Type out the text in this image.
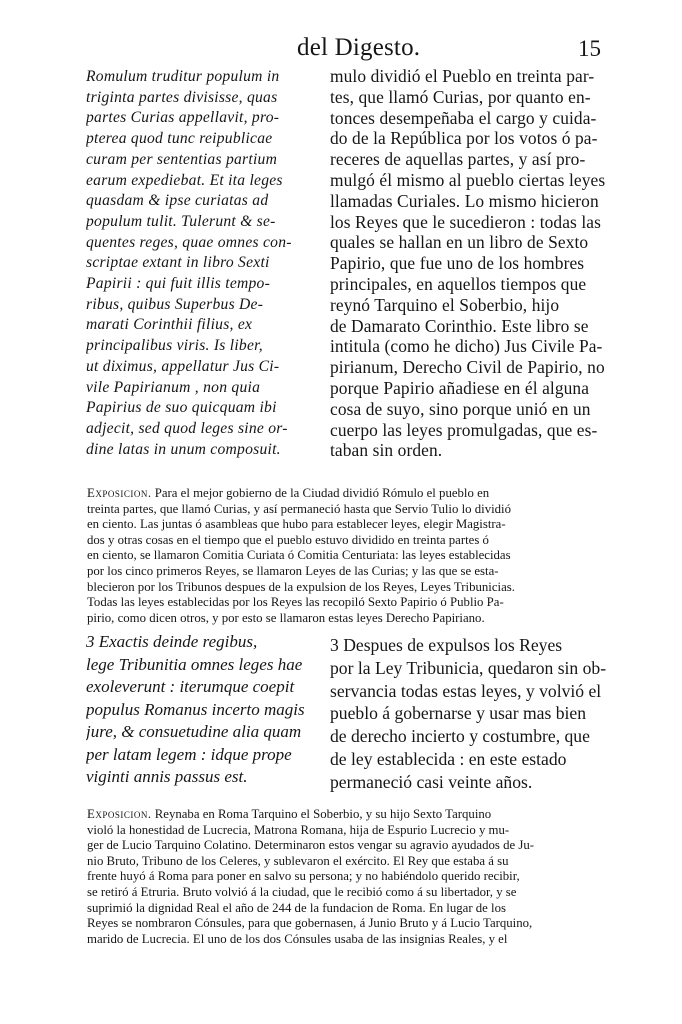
del Digesto.	15
Romulum truditur populum in
triginta partes divisisse, quas
partes Curias appellavit, pro-
pterea quod tunc reipublicae
curam per sententias partium
earum expediebat. Et ita leges
quasdam & ipse curiatas ad
populum tulit. Tulerunt & se-
quentes reges, quae omnes con-
scriptae extant in libro Sexti
Papirii : qui fuit illis tempo-
ribus, quibus Superbus De-
marati Corinthii filius, ex
principalibus viris. Is liber,
ut diximus, appellatur Jus Ci-
vile Papirianum , non quia
Papirius de suo quicquam ibi
adjecit, sed quod leges sine or-
dine latas in unum composuit.
mulo dividió el Pueblo en treinta par-
tes, que llamó Curias, por quanto en-
tonces desempeñaba el cargo y cuida-
do de la República por los votos ó pa-
receres de aquellas partes, y así pro-
mulgó él mismo al pueblo ciertas leyes
llamadas Curiales. Lo mismo hicieron
los Reyes que le sucedieron : todas las
quales se hallan en un libro de Sexto
Papirio, que fue uno de los hombres
principales, en aquellos tiempos que
reynó Tarquino el Soberbio, hijo
de Damarato Corinthio. Este libro se
intitula (como he dicho) Jus Civile Pa-
pirianum, Derecho Civil de Papirio, no
porque Papirio añadiese en él alguna
cosa de suyo, sino porque unió en un
cuerpo las leyes promulgadas, que es-
taban sin orden.
Exposicion. Para el mejor gobierno de la Ciudad dividió Rómulo el pueblo en
treinta partes, que llamó Curias, y así permaneció hasta que Servio Tulio lo dividió
en ciento. Las juntas ó asambleas que hubo para establecer leyes, elegir Magistra-
dos y otras cosas en el tiempo que el pueblo estuvo dividido en treinta partes ó
en ciento, se llamaron Comitia Curiata ó Comitia Centuriata: las leyes establecidas
por los cinco primeros Reyes, se llamaron Leyes de las Curias; y las que se esta-
blecieron por los Tribunos despues de la expulsion de los Reyes, Leyes Tribunicias.
Todas las leyes establecidas por los Reyes las recopiló Sexto Papirio ó Publio Pa-
pirio, como dicen otros, y por esto se llamaron estas leyes Derecho Papiriano.
3 Exactis deinde regibus,
lege Tribunitia omnes leges hae
exoleverunt : iterumque coepit
populus Romanus incerto magis
jure, & consuetudine alia quam
per latam legem : idque prope
viginti annis passus est.
3 Despues de expulsos los Reyes
por la Ley Tribunicia, quedaron sin ob-
servancia todas estas leyes, y volvió el
pueblo á gobernarse y usar mas bien
de derecho incierto y costumbre, que
de ley establecida : en este estado
permaneció casi veinte años.
Exposicion. Reynaba en Roma Tarquino el Soberbio, y su hijo Sexto Tarquino
violó la honestidad de Lucrecia, Matrona Romana, hija de Espurio Lucrecio y mu-
ger de Lucio Tarquino Colatino. Determinaron estos vengar su agravio ayudados de Ju-
nio Bruto, Tribuno de los Celeres, y sublevaron el exército. El Rey que estaba á su
frente huyó á Roma para poner en salvo su persona; y no habiéndolo querido recibir,
se retiró á Etruria. Bruto volvió á la ciudad, que le recibió como á su libertador, y se
suprimió la dignidad Real el año de 244 de la fundacion de Roma. En lugar de los
Reyes se nombraron Cónsules, para que gobernasen, á Junio Bruto y á Lucio Tarquino,
marido de Lucrecia. El uno de los dos Cónsules usaba de las insignias Reales, y el
